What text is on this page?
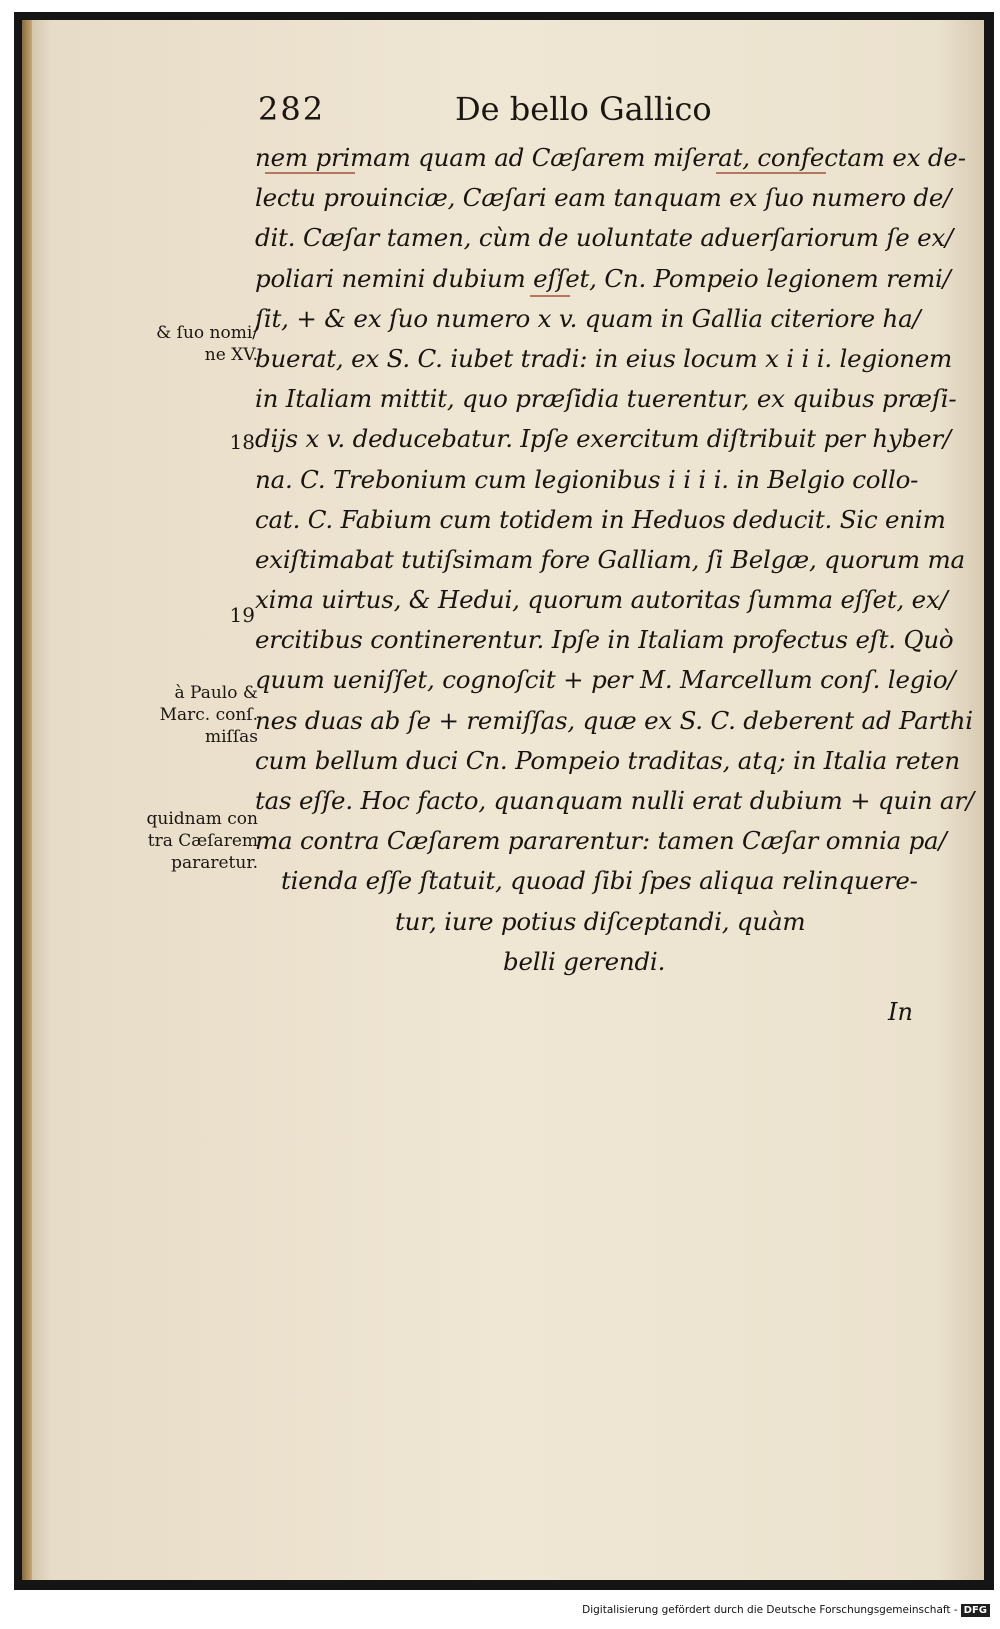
282	De bello Gallico
nem primam quam ad Cæſarem miſerat, confectam ex de-
lectu prouinciæ, Cæſari eam tanquam ex ſuo numero de/
dit. Cæſar tamen, cùm de uoluntate aduerſariorum ſe ex/
poliari nemini dubium eſſet, Cn. Pompeio legionem remi/
ſit, + & ex ſuo numero x v. quam in Gallia citeriore ha/
buerat, ex S. C. iubet tradi: in eius locum x i i i. legionem
in Italiam mittit, quo præſidia tuerentur, ex quibus præſi-
dijs x v. deducebatur. Ipſe exercitum diſtribuit per hyber/
na. C. Trebonium cum legionibus i i i i. in Belgio collo-
cat. C. Fabium cum totidem in Heduos deducit. Sic enim
exiſtimabat tutiſsimam fore Galliam, ſi Belgæ, quorum ma
xima uirtus, & Hedui, quorum autoritas ſumma eſſet, ex/
ercitibus continerentur. Ipſe in Italiam profectus eſt. Quò
quum ueniſſet, cognoſcit + per M. Marcellum conſ. legio/
nes duas ab ſe + remiſſas, quæ ex S. C. deberent ad Parthi
cum bellum duci Cn. Pompeio traditas, atq; in Italia reten
tas eſſe. Hoc facto, quanquam nulli erat dubium + quin ar/
ma contra Cæſarem pararentur: tamen Cæſar omnia pa/
tienda eſſe ſtatuit, quoad ſibi ſpes aliqua relinquere-
tur, iure potius diſceptandi, quàm
belli gerendi.
In
& ſuo nomi/
ne XV.
18
19
à Paulo &
Marc. conſ.
miſſas
quidnam con
tra Cæſarem
pararetur.
Digitalisierung gefördert durch die Deutsche Forschungsgemeinschaft - DFG
